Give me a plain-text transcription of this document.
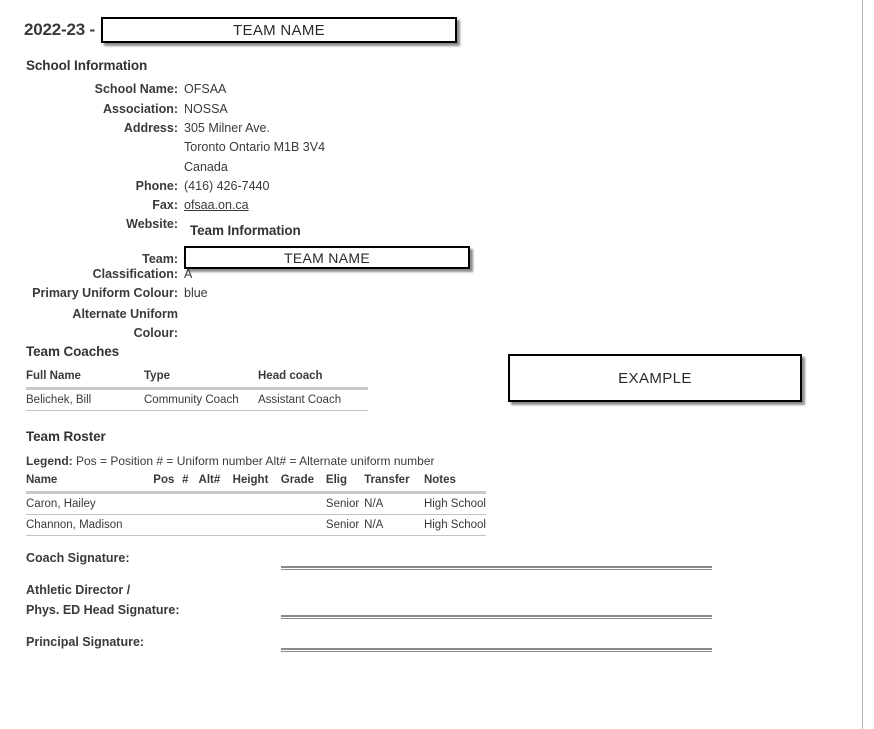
2022-23 -	TEAM NAME
School Information
School Name: OFSAA
Association: NOSSA
Address: 305 Milner Ave.
Toronto Ontario M1B 3V4
Canada
Phone: (416) 426-7440
Fax: ofsaa.on.ca
Website: Team Information
Team:	TEAM NAME
Classification: A
Primary Uniform Colour: blue
Alternate Uniform
Colour:
EXAMPLE
Team Coaches
Full Name	Type	Head coach
Belichek, Bill	Community Coach	Assistant Coach
Team Roster
Legend: Pos = Position # = Uniform number Alt# = Alternate uniform number
Name	Pos	#	Alt#	Height	Grade	Elig	Transfer	Notes
Caron, Hailey						Senior	N/A	High School
Channon, Madison						Senior	N/A	High School
Coach Signature:
Athletic Director /
Phys. ED Head Signature:
Principal Signature:
